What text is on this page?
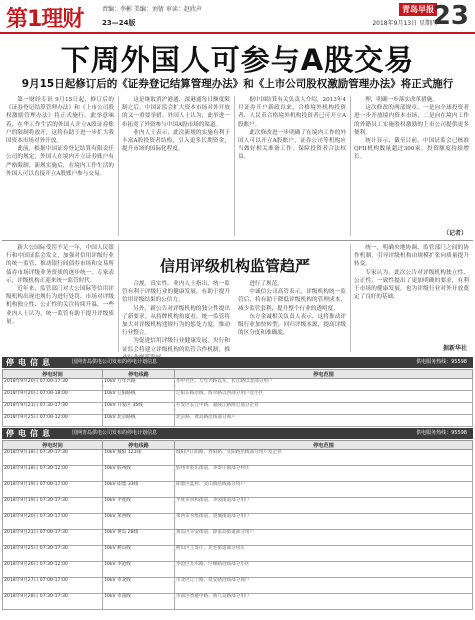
第1理财	责编：李彬 美编：刘倩 审读：赵欣声
23—24版
青岛早报
2018年9月13日 星期四
23
下周外国人可参与A股交易
9月15日起修订后的《证券登记结算管理办法》和《上市公司股权激励管理办法》将正式施行

第一财经专讯 9月15日起，修订后的《证券登记结算管理办法》和《上市公司股权激励管理办法》将正式施行。此举意味着，在华工作生活的外国人开立A股证券账户的限制将放开，这将有助于进一步扩大我国资本市场对外开放。

此前，根据中国证券登记结算有限责任公司的规定，外国人在境内开立证券账户有严格限制。新规实施后，在境内工作生活的外国人可以直接开立A股账户参与交易。

这是继取消沪港通、深港通每日额度限制之后，中国证监会扩大资本市场对外开放的又一重要举措。外国人士认为，此举进一步拓宽了外资参与中国A股市场的渠道。

业内人士表示，此次新规的实施有利于丰富A股投资者结构，引入更多长期资金，提升市场的国际化程度。

据中国结算有关负责人介绍，2013年4月证券开户新政以来，合格境外机构投资者、人民币合格境外机构投资者已可开立A股账户。

此次修改进一步明确了在境内工作的外国人可以开立A股账户，证券公司等机构应当做好相关准备工作，保障投资者合法权益。

理，明确一步落实改革措施。

这次修改的两部规章，一是向全球投资者进一步开放境内资本市场，二是向在境内工作的外籍员工实施股权激励的上市公司提供更多便利。

统计显示，截至目前，中国证监会已核准QFII机构数量超过300家，投资额度持续增长。

（记者）
信用评级机构监管趋严

新大公国际受罚不足一年，中国人民银行和中国证监会发文，加强对信用评级行业的统一监管，推动银行间债券市场和交易所债券市场评级业务资质的逐步统一。专家表示，评级机构正迎来统一监管时代。

近年来，监管部门对大公国际等信用评级机构出现违规行为进行处罚，市场对评级机构独立性、公正性的关注持续升温。一些业内人士认为，统一监管有助于提升评级质量。

合规，真实性。业内人士指出，统一监管有利于评级行业的健康发展，有助于提升信用评级结果的公信力。

另外，新公告对评级机构的独立性提出了新要求。从持牌机构角度看，统一监管将加大对评级机构违规行为的惩处力度，推动行业整合。

为促进信用评级行业健康发展，央行和证监会将建立评级机构的监管合作机制，推

进行了规范。

中诚信公司高管表示，评级机构统一监管后，将有助于降低评级机构的管理成本，减少监管套利，提升整个行业的透明度。

东方金诚相关负责人表示，这将推动评级行业加快转型，回归评级本源，提高评级的区分度和准确度。

统一，明确央地协调、监管部门之间的协作机制，引导评级机构由规模扩张向质量提升转变。

专家认为，此次公告对评级机构独立性、公正性、一致性提出了更加明确的要求，有利于市场的健康发展，也为评级行业对外开放奠定了良好的基础。

据新华社
停电信息	国网青岛供电公司发布的停电计划信息	供电服务热线：95598
停电时间	停电线路	停电范围
2018年9月20日 07:00-17:30	10kV 万年兴路	华中社区、万年兴路以东、长江路以北部分用户
2018年9月20日 07:00-18:00	10kV 辽阳路线	辽阳东路沿线、海尔路以西部分用户及小区
2018年9月21日 07:30-17:30	10kV 开发区 35线	开发区长江中路、嘉陵江路附近部分企业
2018年9月25日 07:00-12:00	10kV 北京路线	北京路、黄岛路沿线部分商户
停电信息	国网青岛供电公司发布的停电计划信息	供电服务热线：95598
停电时间	停电线路	停电范围
2018年9月18日 07:30-17:30	10kV 城阳 121线	城阳区正阳路、春阳路、文阳路沿线部分用户及企业
2018年9月18日 07:30-12:00	10kV 胶州线	胶州市胶东街道、李哥庄镇部分村庄
2018年9月19日 07:00-17:00	10kV 即墨 33线	即墨区蓝村、灵山镇沿线部分用户
2018年9月19日 07:30-17:30	10kV 平度线	平度市同和街道、李园街道部分用户
2018年9月20日 07:30-17:00	10kV 莱西线	莱西市水集街道、望城街道部分用户
2018年9月21日 07:00-17:30	10kV 黄岛 28线	黄岛区辛安街道、薛家岛街道部分用户
2018年9月25日 07:30-17:30	10kV 崂山线	崂山区王哥庄、北宅街道部分村庄
2018年9月26日 07:30-12:00	10kV 李沧线	李沧区九水路、巨峰路沿线部分小区
2018年9月27日 07:00-17:00	10kV 市北线	市北区辽宁路、延安路沿线部分商户
2018年9月28日 07:30-17:30	10kV 市南线	市南区香港中路、燕儿岛路部分用户
